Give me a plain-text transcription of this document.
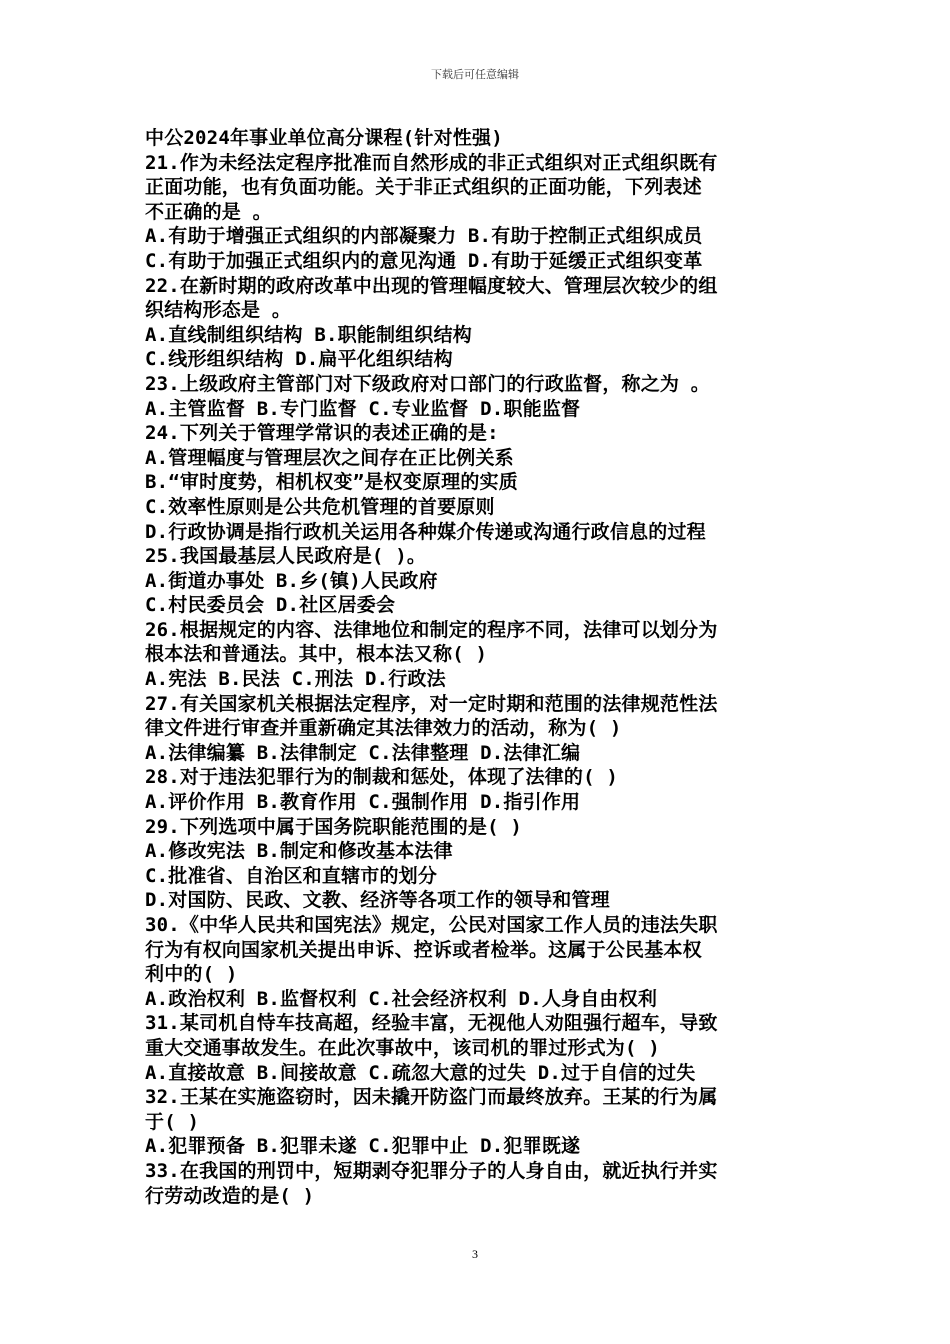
下载后可任意编辑
中公2024年事业单位高分课程(针对性强)
21.作为未经法定程序批准而自然形成的非正式组织对正式组织既有
正面功能，也有负面功能。关于非正式组织的正面功能，下列表述
不正确的是 。
A.有助于增强正式组织的内部凝聚力 B.有助于控制正式组织成员
C.有助于加强正式组织内的意见沟通 D.有助于延缓正式组织变革
22.在新时期的政府改革中出现的管理幅度较大、管理层次较少的组
织结构形态是 。
A.直线制组织结构 B.职能制组织结构
C.线形组织结构 D.扁平化组织结构
23.上级政府主管部门对下级政府对口部门的行政监督，称之为 。
A.主管监督 B.专门监督 C.专业监督 D.职能监督
24.下列关于管理学常识的表述正确的是:
A.管理幅度与管理层次之间存在正比例关系
B.“审时度势，相机权变”是权变原理的实质
C.效率性原则是公共危机管理的首要原则
D.行政协调是指行政机关运用各种媒介传递或沟通行政信息的过程
25.我国最基层人民政府是( )。
A.街道办事处 B.乡(镇)人民政府
C.村民委员会 D.社区居委会
26.根据规定的内容、法律地位和制定的程序不同，法律可以划分为
根本法和普通法。其中，根本法又称( )
A.宪法 B.民法 C.刑法 D.行政法
27.有关国家机关根据法定程序，对一定时期和范围的法律规范性法
律文件进行审查并重新确定其法律效力的活动，称为( )
A.法律编纂 B.法律制定 C.法律整理 D.法律汇编
28.对于违法犯罪行为的制裁和惩处，体现了法律的( )
A.评价作用 B.教育作用 C.强制作用 D.指引作用
29.下列选项中属于国务院职能范围的是( )
A.修改宪法 B.制定和修改基本法律
C.批准省、自治区和直辖市的划分
D.对国防、民政、文教、经济等各项工作的领导和管理
30.《中华人民共和国宪法》规定，公民对国家工作人员的违法失职
行为有权向国家机关提出申诉、控诉或者检举。这属于公民基本权
利中的( )
A.政治权利 B.监督权利 C.社会经济权利 D.人身自由权利
31.某司机自恃车技高超，经验丰富，无视他人劝阻强行超车，导致
重大交通事故发生。在此次事故中，该司机的罪过形式为( )
A.直接故意 B.间接故意 C.疏忽大意的过失 D.过于自信的过失
32.王某在实施盗窃时，因未撬开防盗门而最终放弃。王某的行为属
于( )
A.犯罪预备 B.犯罪未遂 C.犯罪中止 D.犯罪既遂
33.在我国的刑罚中，短期剥夺犯罪分子的人身自由，就近执行并实
行劳动改造的是( )
3
